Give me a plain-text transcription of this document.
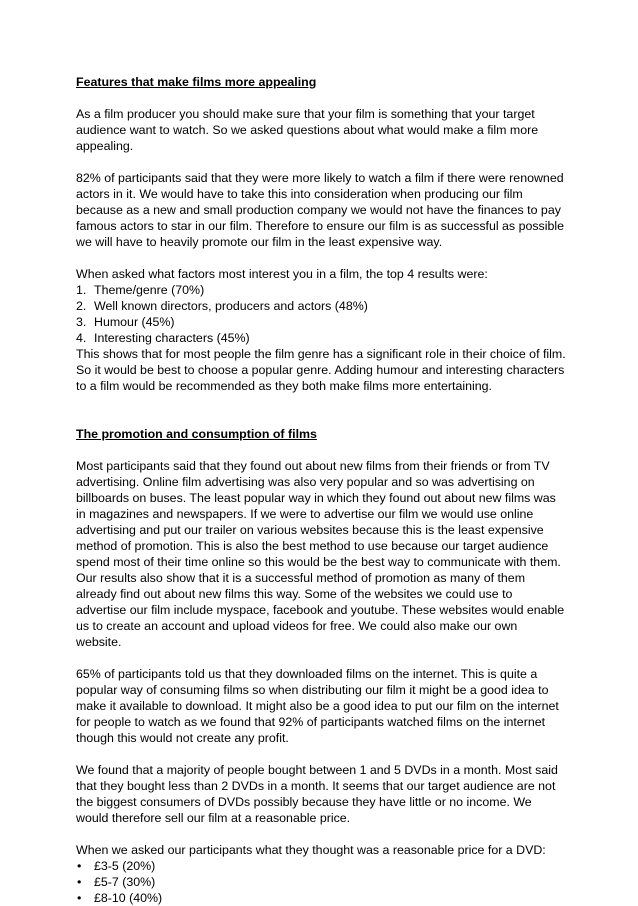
Features that make films more appealing

As a film producer you should make sure that your film is something that your target audience want to watch. So we asked questions about what would make a film more appealing.

82% of participants said that they were more likely to watch a film if there were renowned actors in it. We would have to take this into consideration when producing our film because as a new and small production company we would not have the finances to pay famous actors to star in our film. Therefore to ensure our film is as successful as possible we will have to heavily promote our film in the least expensive way.

When asked what factors most interest you in a film, the top 4 results were:

1. Theme/genre (70%)
2. Well known directors, producers and actors (48%)
3. Humour (45%)
4. Interesting characters (45%)

This shows that for most people the film genre has a significant role in their choice of film. So it would be best to choose a popular genre. Adding humour and interesting characters to a film would be recommended as they both make films more entertaining.

The promotion and consumption of films

Most participants said that they found out about new films from their friends or from TV advertising. Online film advertising was also very popular and so was advertising on billboards on buses. The least popular way in which they found out about new films was in magazines and newspapers. If we were to advertise our film we would use online advertising and put our trailer on various websites because this is the least expensive method of promotion. This is also the best method to use because our target audience spend most of their time online so this would be the best way to communicate with them. Our results also show that it is a successful method of promotion as many of them already find out about new films this way. Some of the websites we could use to advertise our film include myspace, facebook and youtube. These websites would enable us to create an account and upload videos for free. We could also make our own website.

65% of participants told us that they downloaded films on the internet. This is quite a popular way of consuming films so when distributing our film it might be a good idea to make it available to download. It might also be a good idea to put our film on the internet for people to watch as we found that 92% of participants watched films on the internet though this would not create any profit.

We found that a majority of people bought between 1 and 5 DVDs in a month. Most said that they bought less than 2 DVDs in a month. It seems that our target audience are not the biggest consumers of DVDs possibly because they have little or no income. We would therefore sell our film at a reasonable price.

When we asked our participants what they thought was a reasonable price for a DVD:

• £3-5 (20%)
• £5-7 (30%)
• £8-10 (40%)
